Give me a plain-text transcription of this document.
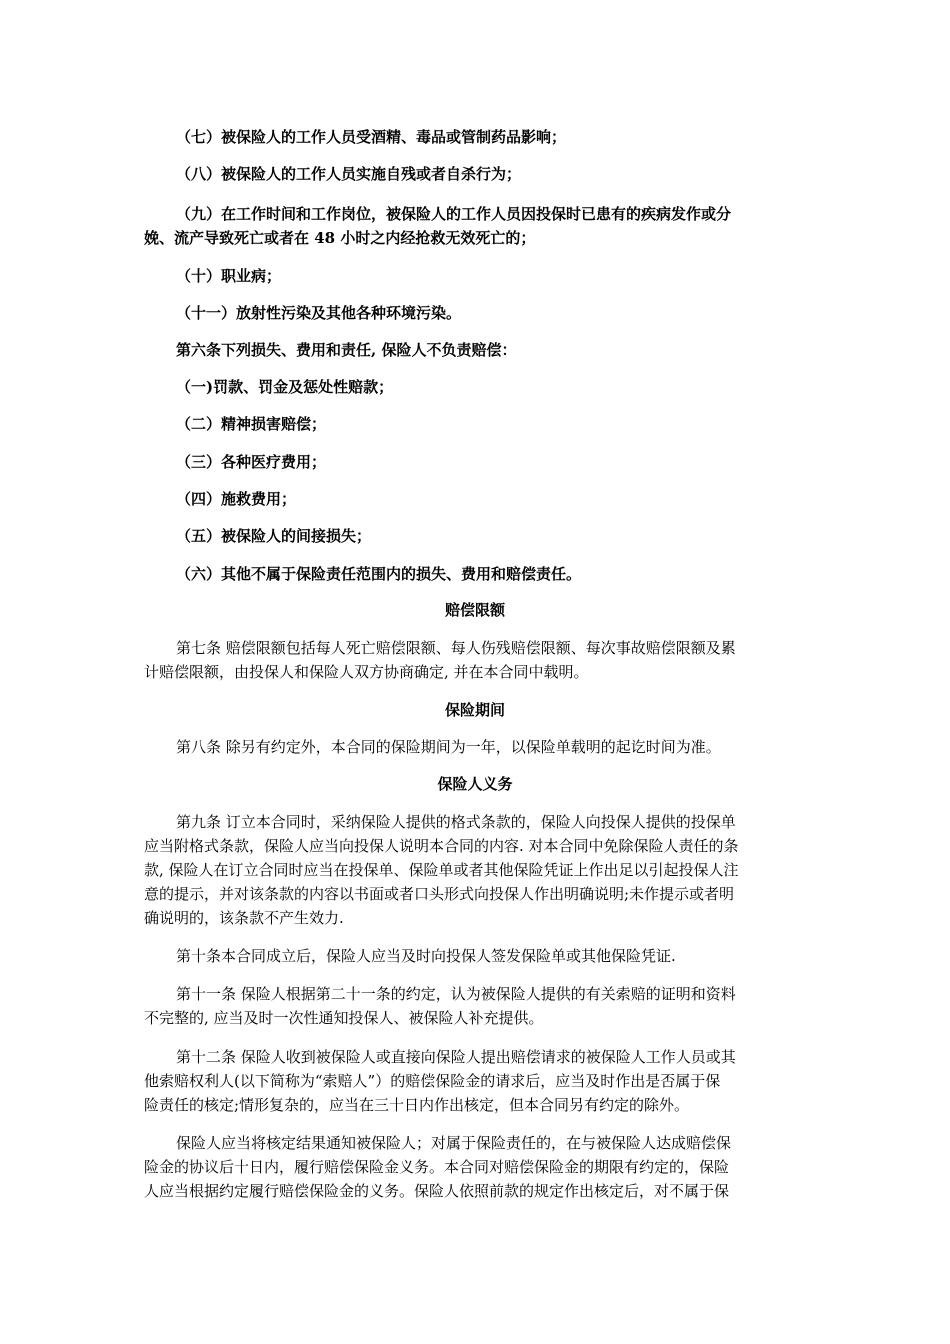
（七）被保险人的工作人员受酒精、毒品或管制药品影响；
（八）被保险人的工作人员实施自残或者自杀行为；
（九）在工作时间和工作岗位，被保险人的工作人员因投保时已患有的疾病发作或分
娩、流产导致死亡或者在 48 小时之内经抢救无效死亡的；
（十）职业病；
（十一）放射性污染及其他各种环境污染。
第六条下列损失、费用和责任, 保险人不负责赔偿：
（一)罚款、罚金及惩处性赔款；
（二）精神损害赔偿；
（三）各种医疗费用；
（四）施救费用；
（五）被保险人的间接损失；
（六）其他不属于保险责任范围内的损失、费用和赔偿责任。
赔偿限额
第七条 赔偿限额包括每人死亡赔偿限额、每人伤残赔偿限额、每次事故赔偿限额及累
计赔偿限额，由投保人和保险人双方协商确定, 并在本合同中载明。
保险期间
第八条 除另有约定外，本合同的保险期间为一年，以保险单载明的起讫时间为准。
保险人义务
第九条 订立本合同时，采纳保险人提供的格式条款的，保险人向投保人提供的投保单
应当附格式条款，保险人应当向投保人说明本合同的内容. 对本合同中免除保险人责任的条
款, 保险人在订立合同时应当在投保单、保险单或者其他保险凭证上作出足以引起投保人注
意的提示，并对该条款的内容以书面或者口头形式向投保人作出明确说明;未作提示或者明
确说明的，该条款不产生效力.
第十条本合同成立后，保险人应当及时向投保人签发保险单或其他保险凭证.
第十一条 保险人根据第二十一条的约定，认为被保险人提供的有关索赔的证明和资料
不完整的, 应当及时一次性通知投保人、被保险人补充提供。
第十二条 保险人收到被保险人或直接向保险人提出赔偿请求的被保险人工作人员或其
他索赔权利人(以下简称为“索赔人”）的赔偿保险金的请求后，应当及时作出是否属于保
险责任的核定;情形复杂的，应当在三十日内作出核定，但本合同另有约定的除外。
保险人应当将核定结果通知被保险人；对属于保险责任的，在与被保险人达成赔偿保
险金的协议后十日内，履行赔偿保险金义务。本合同对赔偿保险金的期限有约定的，保险
人应当根据约定履行赔偿保险金的义务。保险人依照前款的规定作出核定后，对不属于保
